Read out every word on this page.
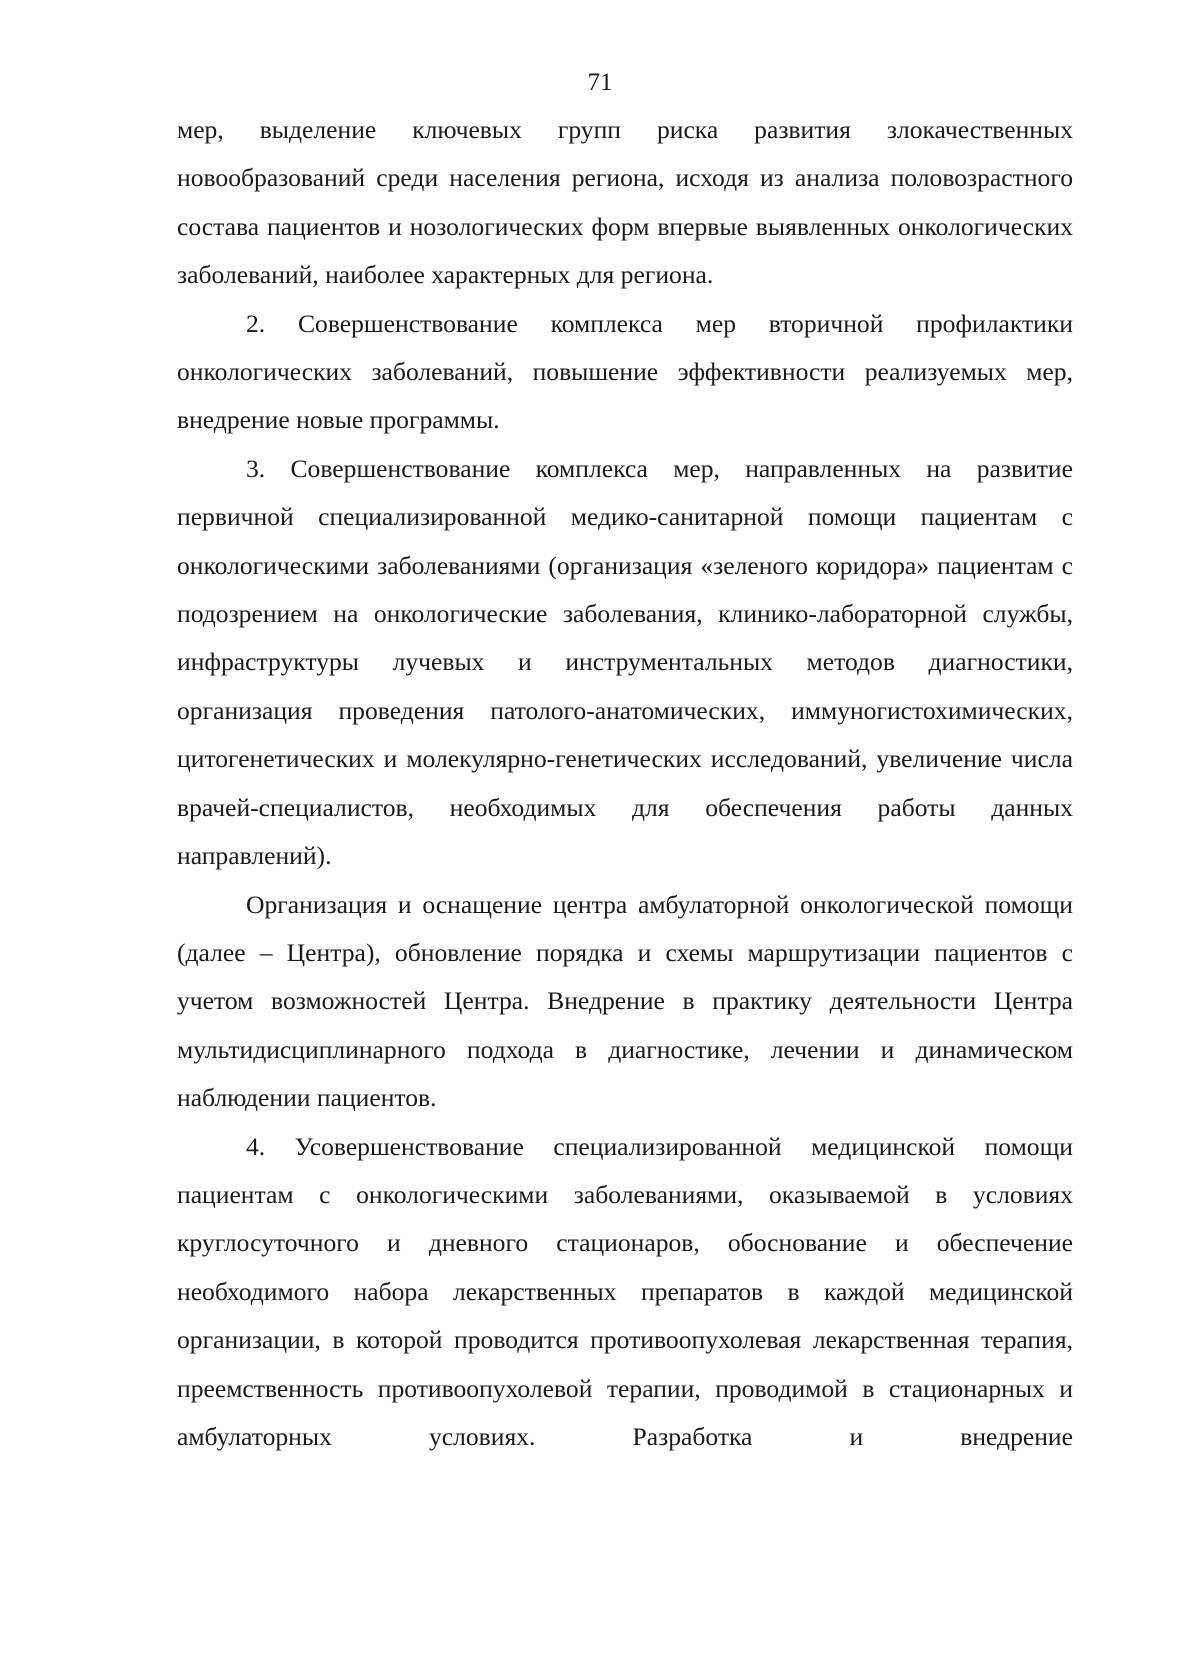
71

мер, выделение ключевых групп риска развития злокачественных новообразований среди населения региона, исходя из анализа половозрастного состава пациентов и нозологических форм впервые выявленных онкологических заболеваний, наиболее характерных для региона.

2. Совершенствование комплекса мер вторичной профилактики онкологических заболеваний, повышение эффективности реализуемых мер, внедрение новые программы.

3. Совершенствование комплекса мер, направленных на развитие первичной специализированной медико-санитарной помощи пациентам с онкологическими заболеваниями (организация «зеленого коридора» пациентам с подозрением на онкологические заболевания, клинико-лабораторной службы, инфраструктуры лучевых и инструментальных методов диагностики, организация проведения патолого-анатомических, иммуногистохимических, цитогенетических и молекулярно-генетических исследований, увеличение числа врачей-специалистов, необходимых для обеспечения работы данных направлений).

Организация и оснащение центра амбулаторной онкологической помощи (далее – Центра), обновление порядка и схемы маршрутизации пациентов с учетом возможностей Центра. Внедрение в практику деятельности Центра мультидисциплинарного подхода в диагностике, лечении и динамическом наблюдении пациентов.

4. Усовершенствование специализированной медицинской помощи пациентам с онкологическими заболеваниями, оказываемой в условиях круглосуточного и дневного стационаров, обоснование и обеспечение необходимого набора лекарственных препаратов в каждой медицинской организации, в которой проводится противоопухолевая лекарственная терапия, преемственность противоопухолевой терапии, проводимой в стационарных и амбулаторных условиях. Разработка и внедрение
